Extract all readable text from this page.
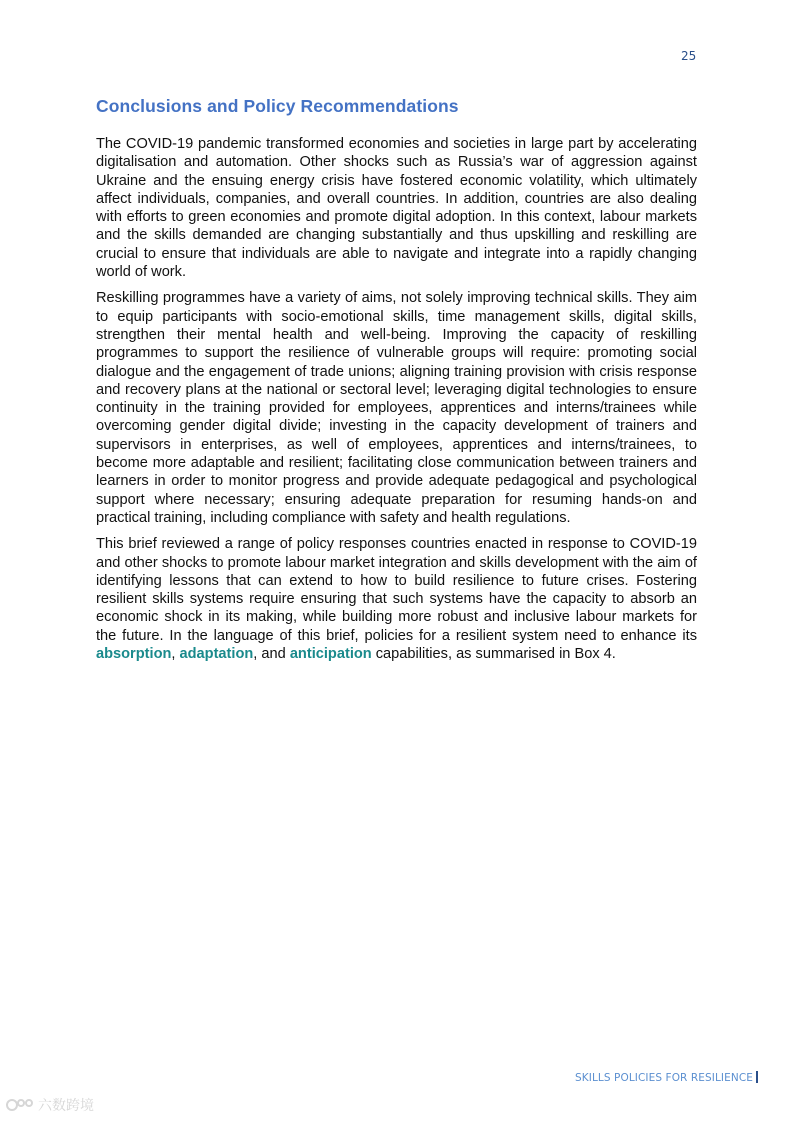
25
Conclusions and Policy Recommendations

The COVID-19 pandemic transformed economies and societies in large part by accelerating digitalisation and automation. Other shocks such as Russia’s war of aggression against Ukraine and the ensuing energy crisis have fostered economic volatility, which ultimately affect individuals, companies, and overall countries. In addition, countries are also dealing with efforts to green economies and promote digital adoption. In this context, labour markets and the skills demanded are changing substantially and thus upskilling and reskilling are crucial to ensure that individuals are able to navigate and integrate into a rapidly changing world of work.

Reskilling programmes have a variety of aims, not solely improving technical skills. They aim to equip participants with socio-emotional skills, time management skills, digital skills, strengthen their mental health and well-being. Improving the capacity of reskilling programmes to support the resilience of vulnerable groups will require: promoting social dialogue and the engagement of trade unions; aligning training provision with crisis response and recovery plans at the national or sectoral level; leveraging digital technologies to ensure continuity in the training provided for employees, apprentices and interns/trainees while overcoming gender digital divide; investing in the capacity development of trainers and supervisors in enterprises, as well of employees, apprentices and interns/trainees, to become more adaptable and resilient; facilitating close communication between trainers and learners in order to monitor progress and provide adequate pedagogical and psychological support where necessary; ensuring adequate preparation for resuming hands-on and practical training, including compliance with safety and health regulations.

This brief reviewed a range of policy responses countries enacted in response to COVID-19 and other shocks to promote labour market integration and skills development with the aim of identifying lessons that can extend to how to build resilience to future crises. Fostering resilient skills systems require ensuring that such systems have the capacity to absorb an economic shock in its making, while building more robust and inclusive labour markets for the future. In the language of this brief, policies for a resilient system need to enhance its absorption, adaptation, and anticipation capabilities, as summarised in Box 4.

SKILLS POLICIES FOR RESILIENCE
六数跨境
